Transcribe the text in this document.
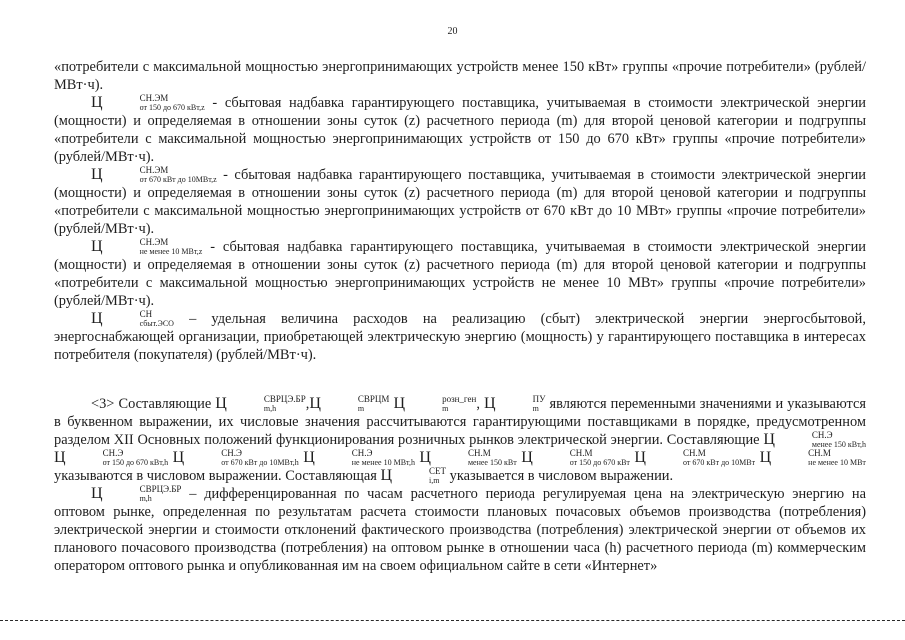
20

«потребители с максимальной мощностью энергопринимающих устройств менее 150 кВт» группы «прочие потребители» (рублей/МВт·ч).

Ц	СН.ЭМ
от 150 до 670 кВт,z - сбытовая надбавка гарантирующего поставщика, учитываемая в стоимости электрической энергии (мощности) и определяемая в отношении зоны суток (z) расчетного периода (m) для второй ценовой категории и подгруппы «потребители с максимальной мощностью энергопринимающих устройств от 150 до 670 кВт» группы «прочие потребители» (рублей/МВт·ч).

Ц	СН.ЭМ
от 670 кВт до 10МВт,z - сбытовая надбавка гарантирующего поставщика, учитываемая в стоимости электрической энергии (мощности) и определяемая в отношении зоны суток (z) расчетного периода (m) для второй ценовой категории и подгруппы «потребители с максимальной мощностью энергопринимающих устройств от 670 кВт до 10 МВт» группы «прочие потребители» (рублей/МВт·ч).

Ц	СН.ЭМ
не менее 10 МВт,z - сбытовая надбавка гарантирующего поставщика, учитываемая в стоимости электрической энергии (мощности) и определяемая в отношении зоны суток (z) расчетного периода (m) для второй ценовой категории и подгруппы «потребители с максимальной мощностью энергопринимающих устройств не менее 10 МВт» группы «прочие потребители» (рублей/МВт·ч).

Ц	СН
сбыт.ЭСО – удельная величина расходов на реализацию (сбыт) электрической энергии энергосбытовой, энергоснабжающей организации, приобретающей электрическую энергию (мощность) у гарантирующего поставщика в интересах потребителя (покупателя) (рублей/МВт·ч).

<3> Составляющие Ц	СВРЦЭ.БР
m,h	,Ц	СВРЦМ
m	Ц	розн_ген
m	, Ц	ПУ
m являются переменными значениями и указываются в буквенном выражении, их числовые значения рассчитываются гарантирующими поставщиками в порядке, предусмотренном разделом XII Основных положений функционирования розничных рынков электрической энергии. Составляющие Ц	СН.Э
менее 150 кВт,h
Ц	СН.Э
от 150 до 670 кВт,h Ц	СН.Э
от 670 кВт до 10МВт,h Ц	СН.Э
не менее 10 МВт,h Ц	СН.М
менее 150 кВт Ц	СН.М
от 150 до 670 кВт Ц	СН.М
от 670 кВт до 10МВт Ц	СН.М
не менее 10 МВт
указываются в числовом выражении. Составляющая Ц	СЕТ
i,m указывается в числовом выражении.

Ц	СВРЦЭ.БР
m,h	– дифференцированная по часам расчетного периода регулируемая цена на электрическую энергию на оптовом рынке, определенная по результатам расчета стоимости плановых почасовых объемов производства (потребления) электрической энергии и стоимости отклонений фактического производства (потребления) электрической энергии от объемов их планового почасового производства (потребления) на оптовом рынке в отношении часа (h) расчетного периода (m) коммерческим оператором оптового рынка и опубликованная им на своем официальном сайте в сети «Интернет»
